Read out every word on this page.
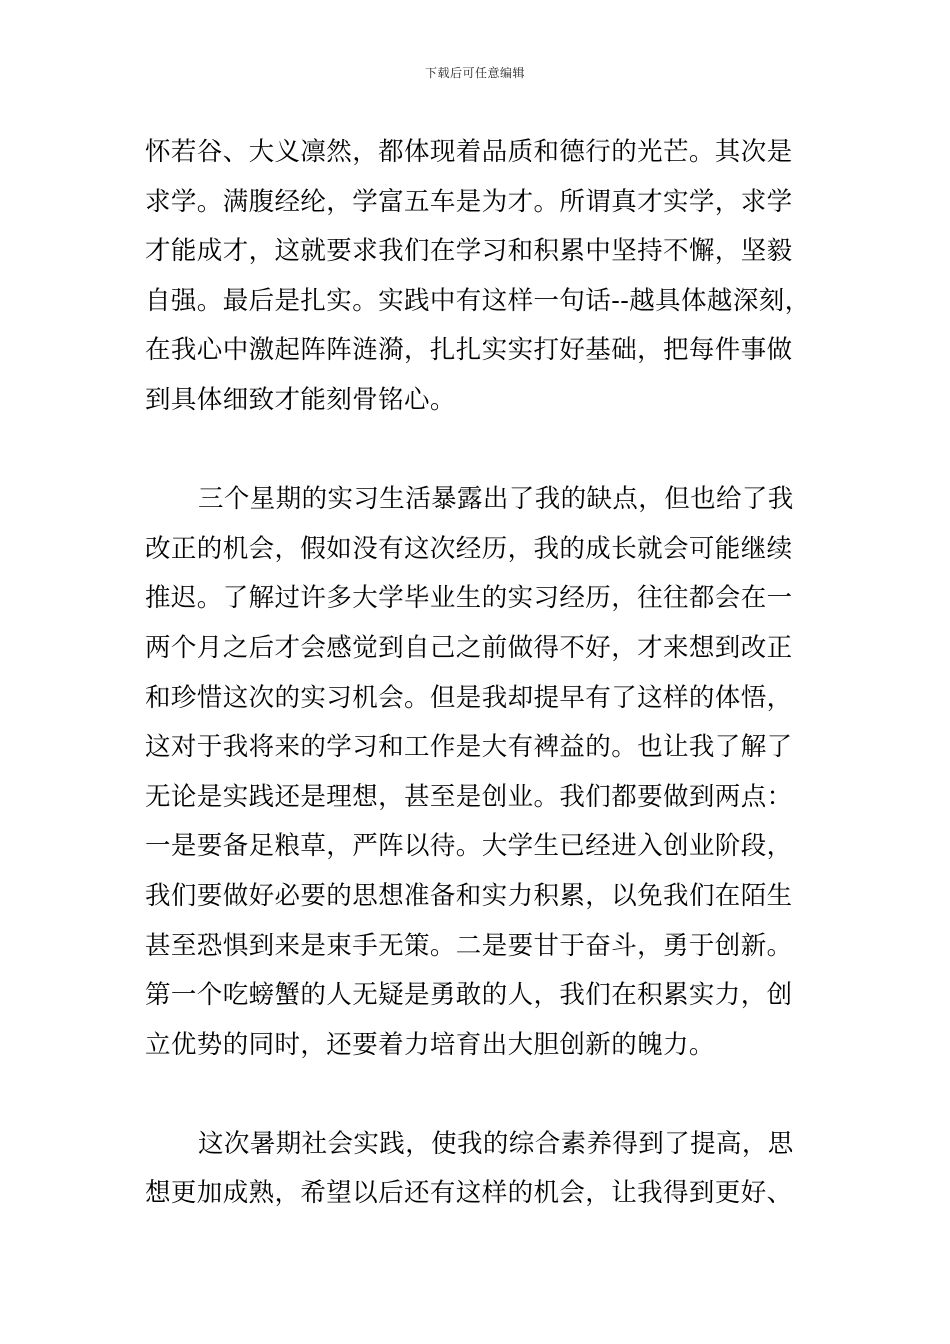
下载后可任意编辑
怀若谷、大义凛然，都体现着品质和德行的光芒。其次是
求学。满腹经纶，学富五车是为才。所谓真才实学，求学
才能成才，这就要求我们在学习和积累中坚持不懈，坚毅
自强。最后是扎实。实践中有这样一句话--越具体越深刻，
在我心中激起阵阵涟漪，扎扎实实打好基础，把每件事做
到具体细致才能刻骨铭心。
三个星期的实习生活暴露出了我的缺点，但也给了我
改正的机会，假如没有这次经历，我的成长就会可能继续
推迟。了解过许多大学毕业生的实习经历，往往都会在一
两个月之后才会感觉到自己之前做得不好，才来想到改正
和珍惜这次的实习机会。但是我却提早有了这样的体悟，
这对于我将来的学习和工作是大有裨益的。也让我了解了
无论是实践还是理想，甚至是创业。我们都要做到两点：
一是要备足粮草，严阵以待。大学生已经进入创业阶段，
我们要做好必要的思想准备和实力积累，以免我们在陌生
甚至恐惧到来是束手无策。二是要甘于奋斗，勇于创新。
第一个吃螃蟹的人无疑是勇敢的人，我们在积累实力，创
立优势的同时，还要着力培育出大胆创新的魄力。
这次暑期社会实践，使我的综合素养得到了提高，思
想更加成熟，希望以后还有这样的机会，让我得到更好、
